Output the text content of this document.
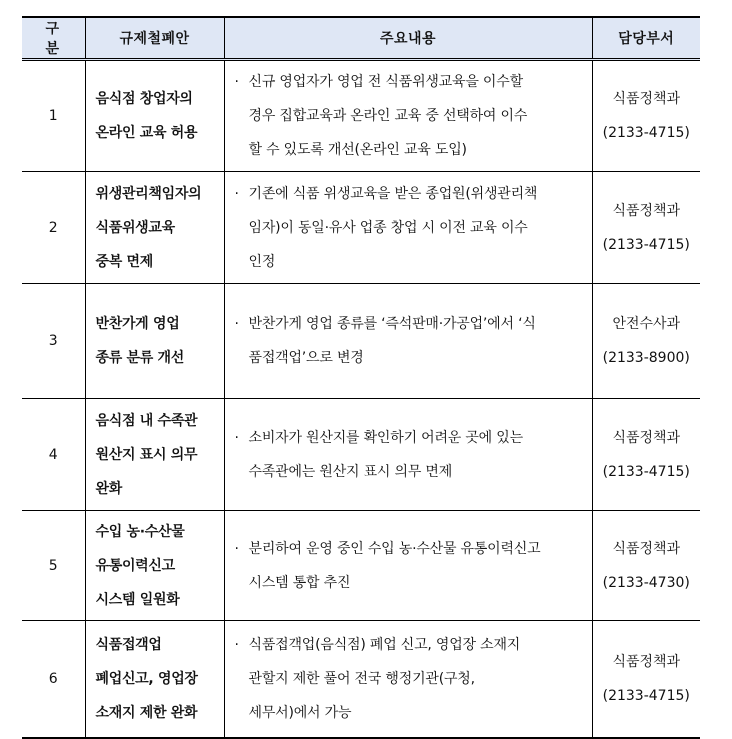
구 분	규제철폐안	주요내용	담당부서
1	음식점 창업자의
온라인 교육 허용	· 신규 영업자가 영업 전 식품위생교육을 이수할
경우 집합교육과 온라인 교육 중 선택하여 이수
할 수 있도록 개선(온라인 교육 도입)	식품정책과
(2133-4715)

2	위생관리책임자의
식품위생교육
중복 면제	· 기존에 식품 위생교육을 받은 종업원(위생관리책
임자)이 동일·유사 업종 창업 시 이전 교육 이수
인정	식품정책과
(2133-4715)

3	반찬가게 영업
종류 분류 개선	· 반찬가게 영업 종류를 ‘즉석판매·가공업’에서 ‘식
품접객업’으로 변경	안전수사과
(2133-8900)

4	음식점 내 수족관
원산지 표시 의무
완화	· 소비자가 원산지를 확인하기 어려운 곳에 있는
수족관에는 원산지 표시 의무 면제	식품정책과
(2133-4715)

5	수입 농·수산물
유통이력신고
시스템 일원화	· 분리하여 운영 중인 수입 농·수산물 유통이력신고
시스템 통합 추진	식품정책과
(2133-4730)

6	식품접객업
폐업신고, 영업장
소재지 제한 완화	· 식품접객업(음식점) 폐업 신고, 영업장 소재지
관할지 제한 풀어 전국 행정기관(구청,
세무서)에서 가능	식품정책과
(2133-4715)
